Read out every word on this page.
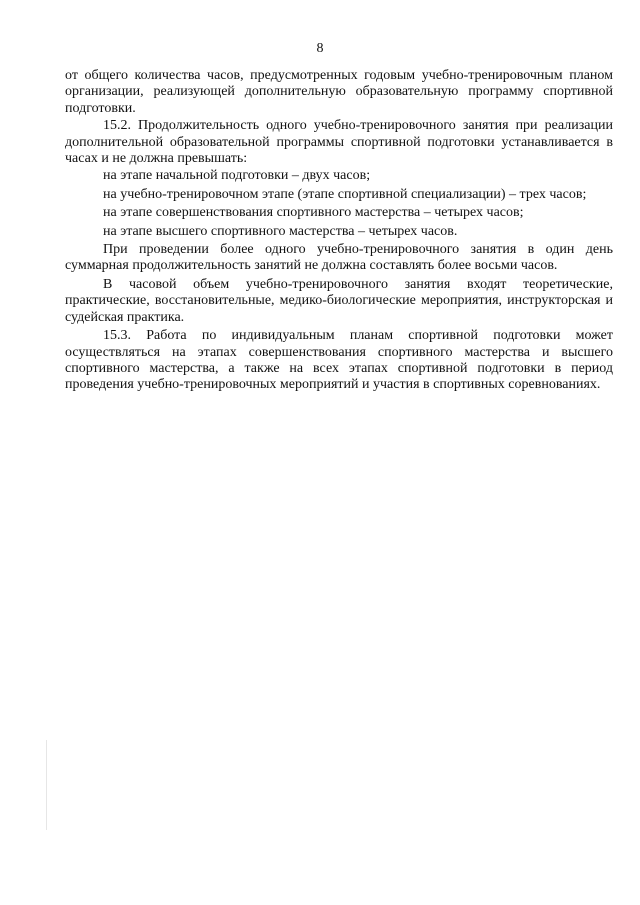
8

от общего количества часов, предусмотренных годовым учебно-тренировочным планом организации, реализующей дополнительную образовательную программу спортивной подготовки.

15.2. Продолжительность одного учебно-тренировочного занятия при реализации дополнительной образовательной программы спортивной подготовки устанавливается в часах и не должна превышать:

на этапе начальной подготовки – двух часов;

на учебно-тренировочном этапе (этапе спортивной специализации) – трех часов;

на этапе совершенствования спортивного мастерства – четырех часов;

на этапе высшего спортивного мастерства – четырех часов.

При проведении более одного учебно-тренировочного занятия в один день суммарная продолжительность занятий не должна составлять более восьми часов.

В часовой объем учебно-тренировочного занятия входят теоретические, практические, восстановительные, медико-биологические мероприятия, инструкторская и судейская практика.

15.3. Работа по индивидуальным планам спортивной подготовки может осуществляться на этапах совершенствования спортивного мастерства и высшего спортивного мастерства, а также на всех этапах спортивной подготовки в период проведения учебно-тренировочных мероприятий и участия в спортивных соревнованиях.
